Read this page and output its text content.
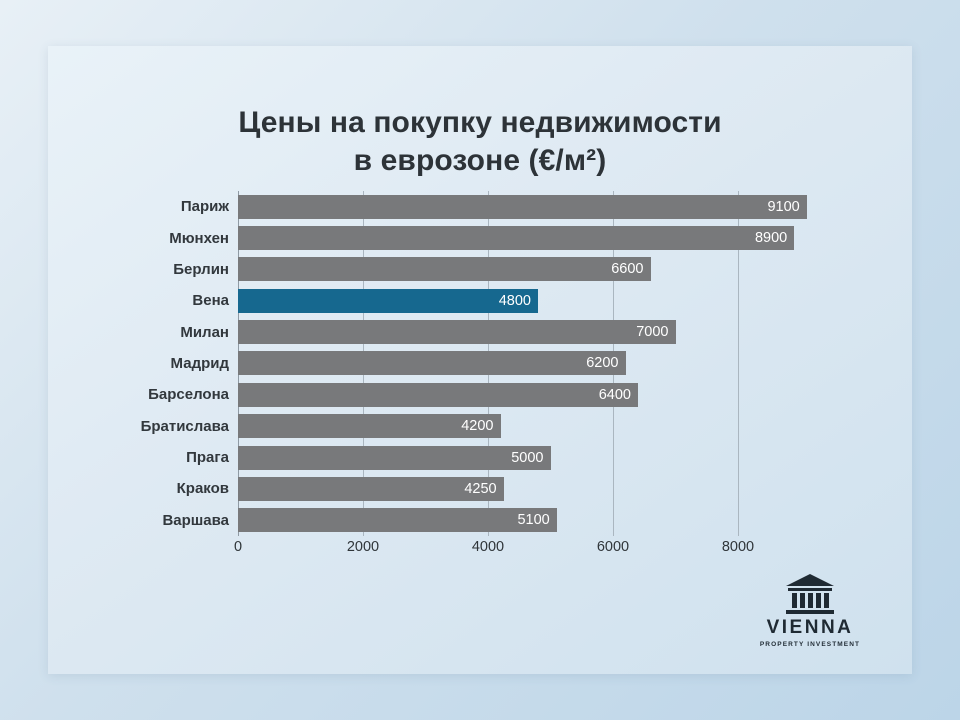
Цены на покупку недвижимости
в еврозоне (€/м²)
Париж	9100
Мюнхен	8900
Берлин	6600
Вена	4800
Милан	7000
Мадрид	6200
Барселона	6400
Братислава	4200
Прага	5000
Краков	4250
Варшава	5100
0	2000	4000	6000	8000
VIENNA
PROPERTY INVESTMENT
